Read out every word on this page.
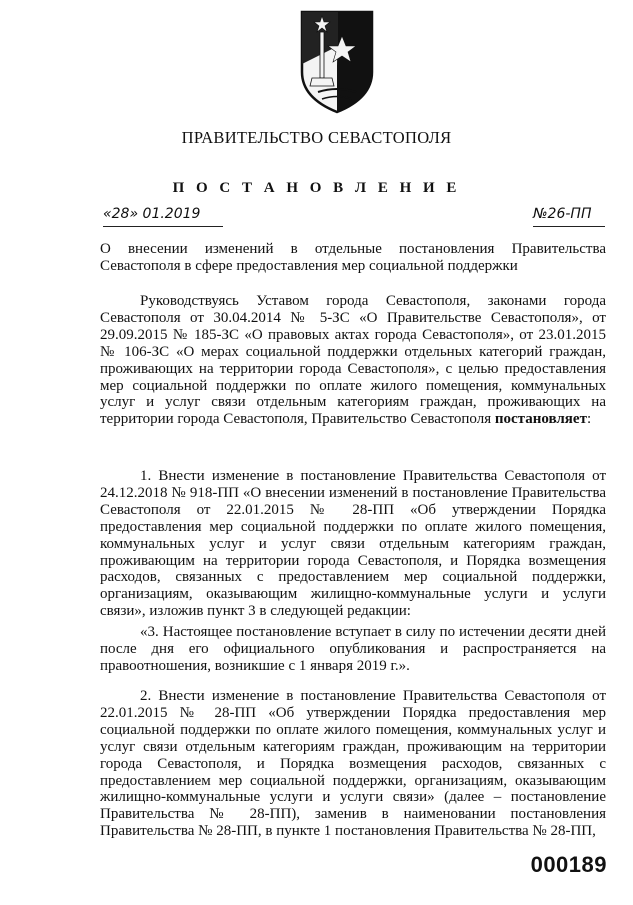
ПРАВИТЕЛЬСТВО СЕВАСТОПОЛЯ
П О С Т А Н О В Л Е Н И Е
«28» 01.2019	№26-ПП
О внесении изменений в отдельные постановления Правительства Севастополя в сфере предоставления мер социальной поддержки
Руководствуясь Уставом города Севастополя, законами города Севастополя от 30.04.2014 № 5-ЗС «О Правительстве Севастополя», от 29.09.2015 № 185-ЗС «О правовых актах города Севастополя», от 23.01.2015 № 106-ЗС «О мерах социальной поддержки отдельных категорий граждан, проживающих на территории города Севастополя», с целью предоставления мер социальной поддержки по оплате жилого помещения, коммунальных услуг и услуг связи отдельным категориям граждан, проживающих на территории города Севастополя, Правительство Севастополя постановляет:
1. Внести изменение в постановление Правительства Севастополя от 24.12.2018 № 918-ПП «О внесении изменений в постановление Правительства Севастополя от 22.01.2015 № 28-ПП «Об утверждении Порядка предоставления мер социальной поддержки по оплате жилого помещения, коммунальных услуг и услуг связи отдельным категориям граждан, проживающим на территории города Севастополя, и Порядка возмещения расходов, связанных с предоставлением мер социальной поддержки, организациям, оказывающим жилищно-коммунальные услуги и услуги связи», изложив пункт 3 в следующей редакции:
«3. Настоящее постановление вступает в силу по истечении десяти дней после дня его официального опубликования и распространяется на правоотношения, возникшие с 1 января 2019 г.».
2. Внести изменение в постановление Правительства Севастополя от 22.01.2015 № 28-ПП «Об утверждении Порядка предоставления мер социальной поддержки по оплате жилого помещения, коммунальных услуг и услуг связи отдельным категориям граждан, проживающим на территории города Севастополя, и Порядка возмещения расходов, связанных с предоставлением мер социальной поддержки, организациям, оказывающим жилищно-коммунальные услуги и услуги связи» (далее – постановление Правительства № 28-ПП), заменив в наименовании постановления Правительства № 28-ПП, в пункте 1 постановления Правительства № 28-ПП,
000189
